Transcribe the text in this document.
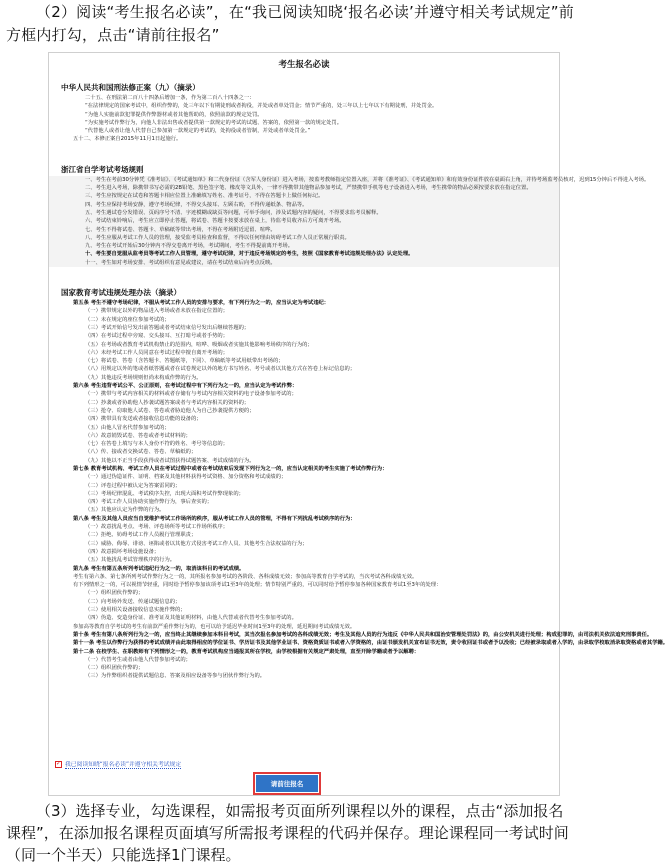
（2）阅读“考生报名必读”，在“我已阅读知晓‘报名必读’并遵守相关考试规定”前方框内打勾，点击“请前往报名”
考生报名必读
中华人民共和国刑法修正案（九）（摘录）
二十五、在刑法第二百八十四条后增加一条，作为第二百八十四条之一：
“在法律规定的国家考试中，组织作弊的，处三年以下有期徒刑或者拘役，并处或者单处罚金；情节严重的，处三年以上七年以下有期徒刑，并处罚金。
“为他人实施前款犯罪提供作弊器材或者其他帮助的，依照前款的规定处罚。
“为实施考试作弊行为，向他人非法出售或者提供第一款规定的考试的试题、答案的，依照第一款的规定处罚。
“代替他人或者让他人代替自己参加第一款规定的考试的，处拘役或者管制，并处或者单处罚金。”
五十二、本修正案自2015年11月1日起施行。
浙江省自学考试考场规则
一、考生在考前30分钟凭《准考证》、《考试通知单》和二代身份证（含军人身份证）进入考场，按监考教师指定位置入座，并将《准考证》、《考试通知单》和有效身份证件放在桌面右上角，并待考场监考员核对，迟到15分钟后不得进入考场。
二、考生进入考场，除携带书写必需的2B铅笔、黑色签字笔、橡皮等文具外，一律不得携带其他物品参加考试，严禁携带手机等电子设备进入考场，考生携带的物品必须按要求放在指定位置。
三、考生应按规定在试卷和答题卡相应位置上准确填写姓名、准考证号，不得在答题卡上做任何标记。
四、考生应保持考场安静，遵守考场纪律，不得交头接耳、左顾右盼，不得传递纸条、物品等。
五、考生遇试卷分发错误、页码序号不清、字迹模糊或缺页等问题，可举手询问，涉及试题内容的疑问，不得要求监考员解释。
六、考试结束铃响后，考生应立即停止答题，将试卷、答题卡按要求放在桌上，待监考员收齐后方可离开考场。
七、考生不得将试卷、答题卡、草稿纸等带出考场，不得在考场附近逗留、喧哗。
八、考生应服从考试工作人员的管理，接受监考员检查和监督，不得以任何理由妨碍考试工作人员正常履行职责。
九、考生在考试开始后30分钟内不得交卷离开考场，考试期间，考生不得提前离开考场。
十、考生要自觉服从监考员等考试工作人员管理，遵守考试纪律，对于违反考场规定的考生，按照《国家教育考试违规处理办法》认定处理。
十一、考生如对考场安排、考试组织有意见或建议，请在考试结束后向考点反映。
国家教育考试违规处理办法（摘录）
第五条 考生不遵守考场纪律，不服从考试工作人员的安排与要求，有下列行为之一的，应当认定为考试违纪：
（一）携带规定以外的物品进入考场或者未放在指定位置的；
（二）未在规定的座位参加考试的；
（三）考试开始信号发出前答题或者考试结束信号发出后继续答题的；
（四）在考试过程中旁窥、交头接耳、互打暗号或者手势的；
（五）在考场或者教育考试机构禁止的范围内，喧哗、吸烟或者实施其他影响考场秩序的行为的；
（六）未经考试工作人员同意在考试过程中擅自离开考场的；
（七）将试卷、答卷（含答题卡、答题纸等，下同）、草稿纸等考试用纸带出考场的；
（八）用规定以外的笔或者纸答题或者在试卷规定以外的地方书写姓名、考号或者以其他方式在答卷上标记信息的；
（九）其他违反考场规则但尚未构成作弊的行为。
第六条 考生违背考试公平、公正原则，在考试过程中有下列行为之一的，应当认定为考试作弊：
（一）携带与考试内容相关的材料或者存储有与考试内容相关资料的电子设备参加考试的；
（二）抄袭或者协助他人抄袭试题答案或者与考试内容相关的资料的；
（三）抢夺、窃取他人试卷、答卷或者胁迫他人为自己抄袭提供方便的；
（四）携带具有发送或者接收信息功能的设备的；
（五）由他人冒名代替参加考试的；
（六）故意销毁试卷、答卷或者考试材料的；
（七）在答卷上填写与本人身份不符的姓名、考号等信息的；
（八）传、接或者交换试卷、答卷、草稿纸的；
（九）其他以不正当手段获得或者试图获得试题答案、考试成绩的行为。
第七条 教育考试机构、考试工作人员在考试过程中或者在考试结束后发现下列行为之一的，应当认定相关的考生实施了考试作弊行为：
（一）通过伪造证件、证明、档案及其他材料获得考试资格、加分资格和考试成绩的；
（二）评卷过程中被认定为答案雷同的；
（三）考场纪律混乱、考试秩序失控，出现大面积考试作弊现象的；
（四）考试工作人员协助实施作弊行为，事后查实的；
（五）其他应认定为作弊的行为。
第八条 考生及其他人员应当自觉维护考试工作场所的秩序，服从考试工作人员的管理，不得有下列扰乱考试秩序的行为：
（一）故意扰乱考点、考场、评卷场所等考试工作场所秩序；
（二）拒绝、妨碍考试工作人员履行管理职责；
（三）威胁、侮辱、诽谤、诬陷或者以其他方式侵害考试工作人员、其他考生合法权益的行为；
（四）故意损坏考场设施设备；
（五）其他扰乱考试管理秩序的行为。
第九条 考生有第五条所列考试违纪行为之一的，取消该科目的考试成绩。
考生有第六条、第七条所列考试作弊行为之一的，其所报名参加考试的各阶段、各科成绩无效；参加高等教育自学考试的，当次考试各科成绩无效。
有下列情形之一的，可以视情节轻重，同时给予暂停参加该项考试1至3年的处理；情节特别严重的，可以同时给予暂停参加各种国家教育考试1至3年的处理：
（一）组织团伙作弊的；
（二）向考场外发送、传递试题信息的；
（三）使用相关设备接收信息实施作弊的；
（四）伪造、变造身份证、准考证及其他证明材料，由他人代替或者代替考生参加考试的。
参加高等教育自学考试的考生有前款严重作弊行为的，也可以给予延迟毕业时间1至3年的处理，延迟期间考试成绩无效。
第十条 考生有第八条所列行为之一的，应当终止其继续参加本科目考试，其当次报名参加考试的各科成绩无效；考生及其他人员的行为违反《中华人民共和国治安管理处罚法》的，由公安机关进行处理；构成犯罪的，由司法机关依法追究刑事责任。
第十一条 考生以作弊行为获得的考试成绩并由此取得相应的学位证书、学历证书及其他学业证书、资格资质证书或者入学资格的，由证书颁发机关宣布证书无效，责令收回证书或者予以没收；已经被录取或者入学的，由录取学校取消录取资格或者其学籍。
第十二条 在校学生、在职教师有下列情形之一的，教育考试机构应当通报其所在学校，由学校根据有关规定严肃处理，直至开除学籍或者予以解聘：
（一）代替考生或者由他人代替参加考试的；
（二）组织团伙作弊的；
（三）为作弊组织者提供试题信息、答案及相应设备等参与团伙作弊行为的。
✓ 我已阅读知晓“报名必读”并遵守相关考试规定
请前往报名
（3）选择专业，勾选课程，如需报考页面所列课程以外的课程，点击“添加报名课程”，在添加报名课程页面填写所需报考课程的代码并保存。理论课程同一考试时间（同一个半天）只能选择1门课程。
